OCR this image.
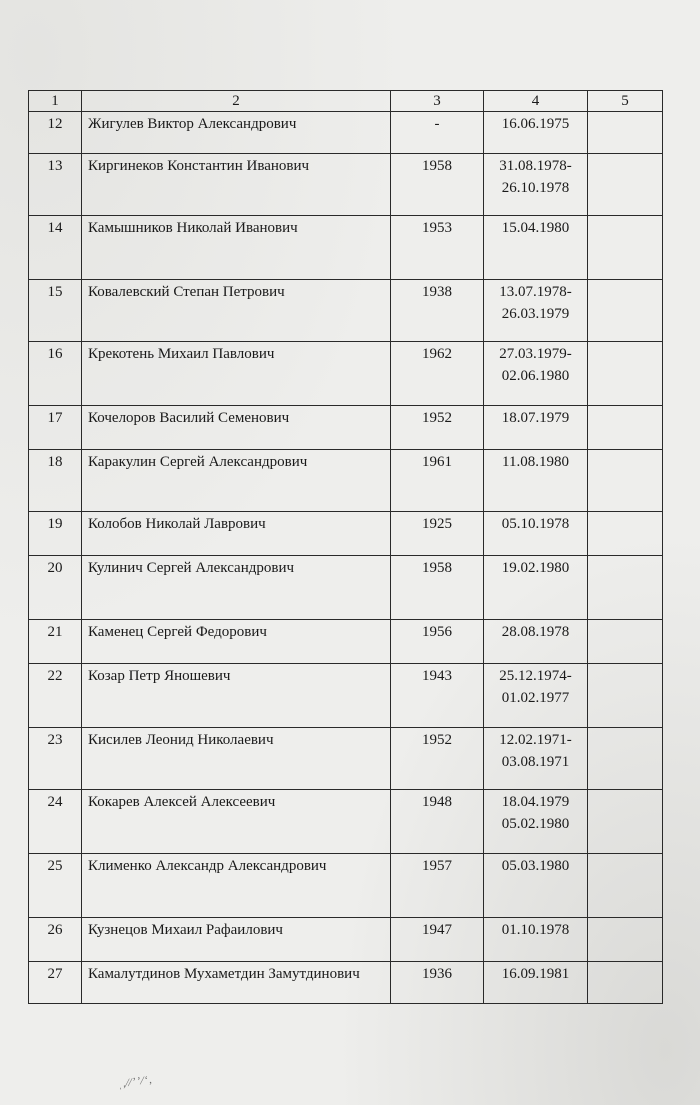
1	2	3	4	5
12	Жигулев Виктор Александрович	-	16.06.1975	

13	Киргинеков Константин Иванович	1958	31.08.1978-
26.10.1978	

14	Камышников Николай Иванович	1953	15.04.1980	

15	Ковалевский Степан Петрович	1938	13.07.1978-
26.03.1979	

16	Крекотень Михаил Павлович	1962	27.03.1979-
02.06.1980	

17	Кочелоров Василий Семенович	1952	18.07.1979	

18	Каракулин Сергей Александрович	1961	11.08.1980	

19	Колобов Николай Лаврович	1925	05.10.1978	

20	Кулинич Сергей Александрович	1958	19.02.1980	

21	Каменец Сергей Федорович	1956	28.08.1978	

22	Козар Петр Яношевич	1943	25.12.1974-
01.02.1977	

23	Кисилев Леонид Николаевич	1952	12.02.1971-
03.08.1971	

24	Кокарев Алексей Алексеевич	1948	18.04.1979
05.02.1980	

25	Клименко Александр Александрович	1957	05.03.1980	

26	Кузнецов Михаил Рафаилович	1947	01.10.1978	

27	Камалутдинов Мухаметдин Замутдинович	1936	16.09.1981	

ˌ,⁄⁄ʼʼ⁄ʻ,
